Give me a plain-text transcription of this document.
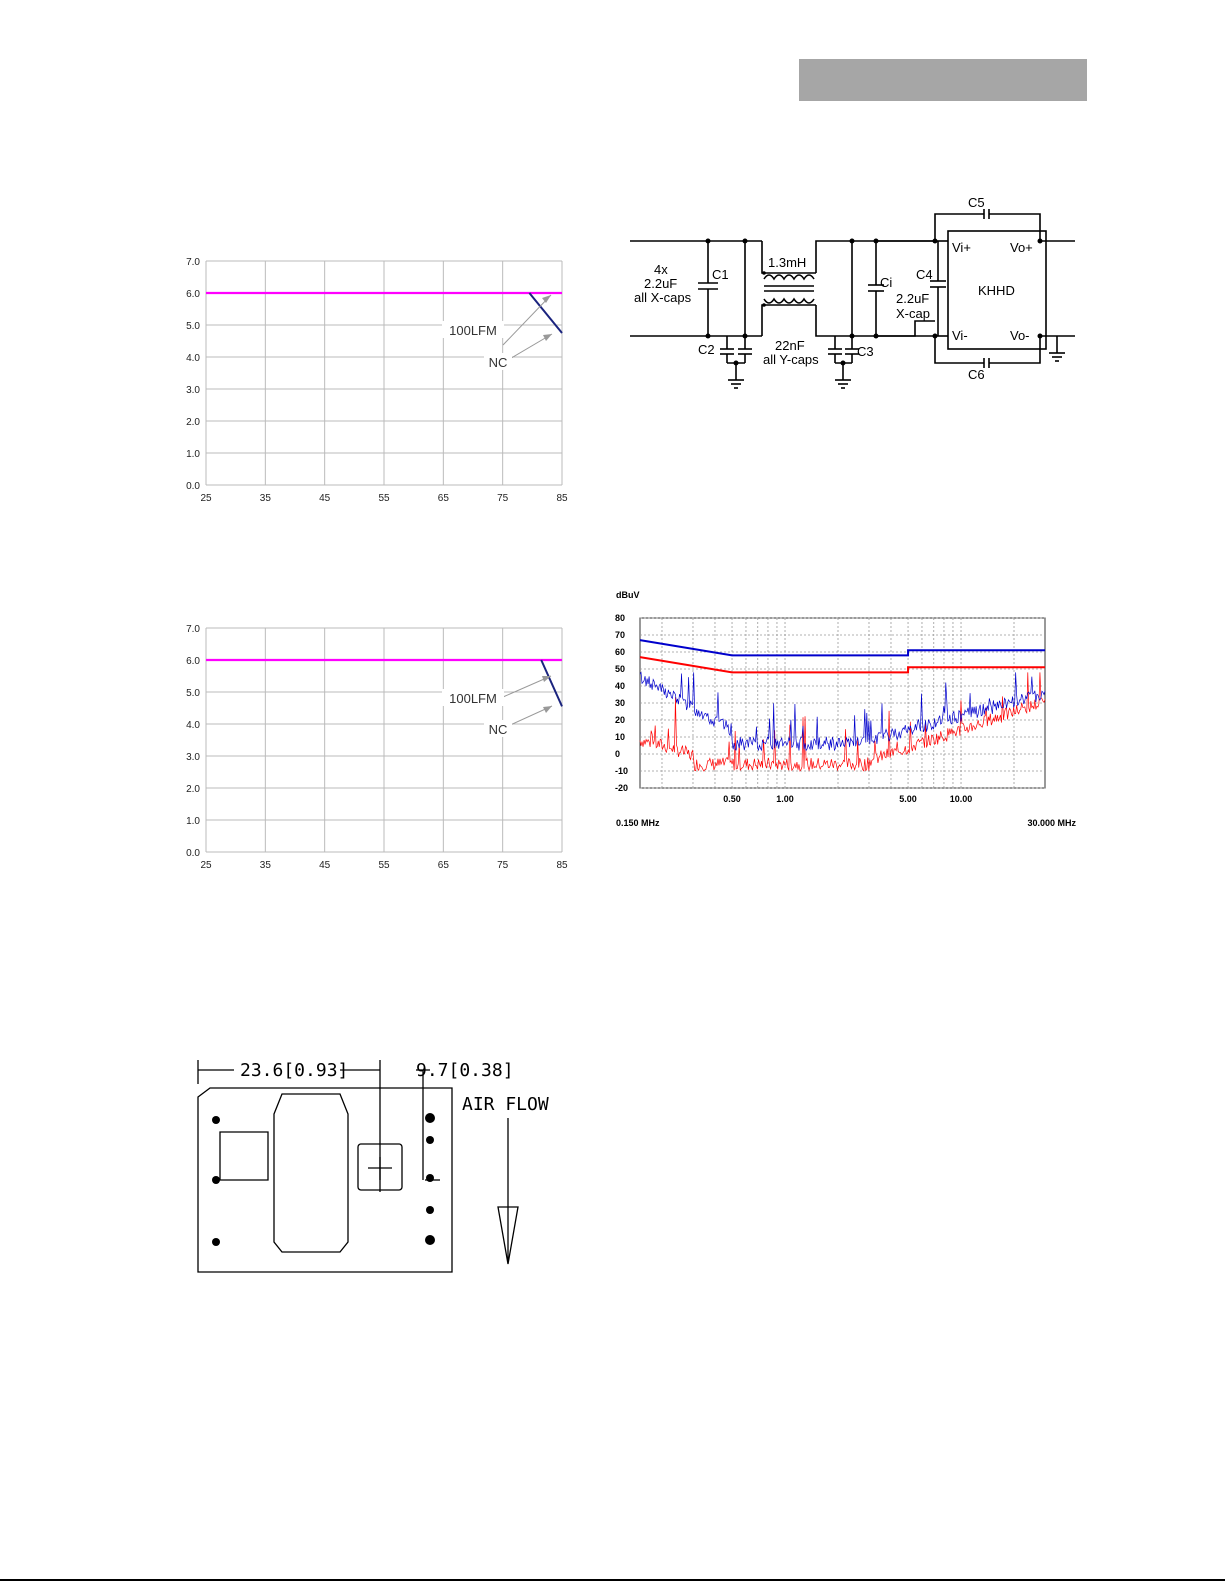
7.0
6.0
5.0
4.0
3.0
2.0
1.0
0.0
25	35	45	55	65	75	85
100LFM
NC
7.0
6.0
5.0
4.0
3.0
2.0
1.0
0.0
25	35	45	55	65	75	85
100LFM
NC
4x
2.2uF
all X-caps
C1
C2
1.3mH
22nF
all Y-caps
C3
Ci
C4
2.2uF
X-cap
C5
C6
Vi+
Vi-
Vo+
Vo-
KHHD
dBuV
80
70
60
50
40
30
20
10
0
-10
-20
0.50	1.00	5.00	10.00
0.150 MHz	30.000 MHz
23.6[0.93]	9.7[0.38]
AIR FLOW
